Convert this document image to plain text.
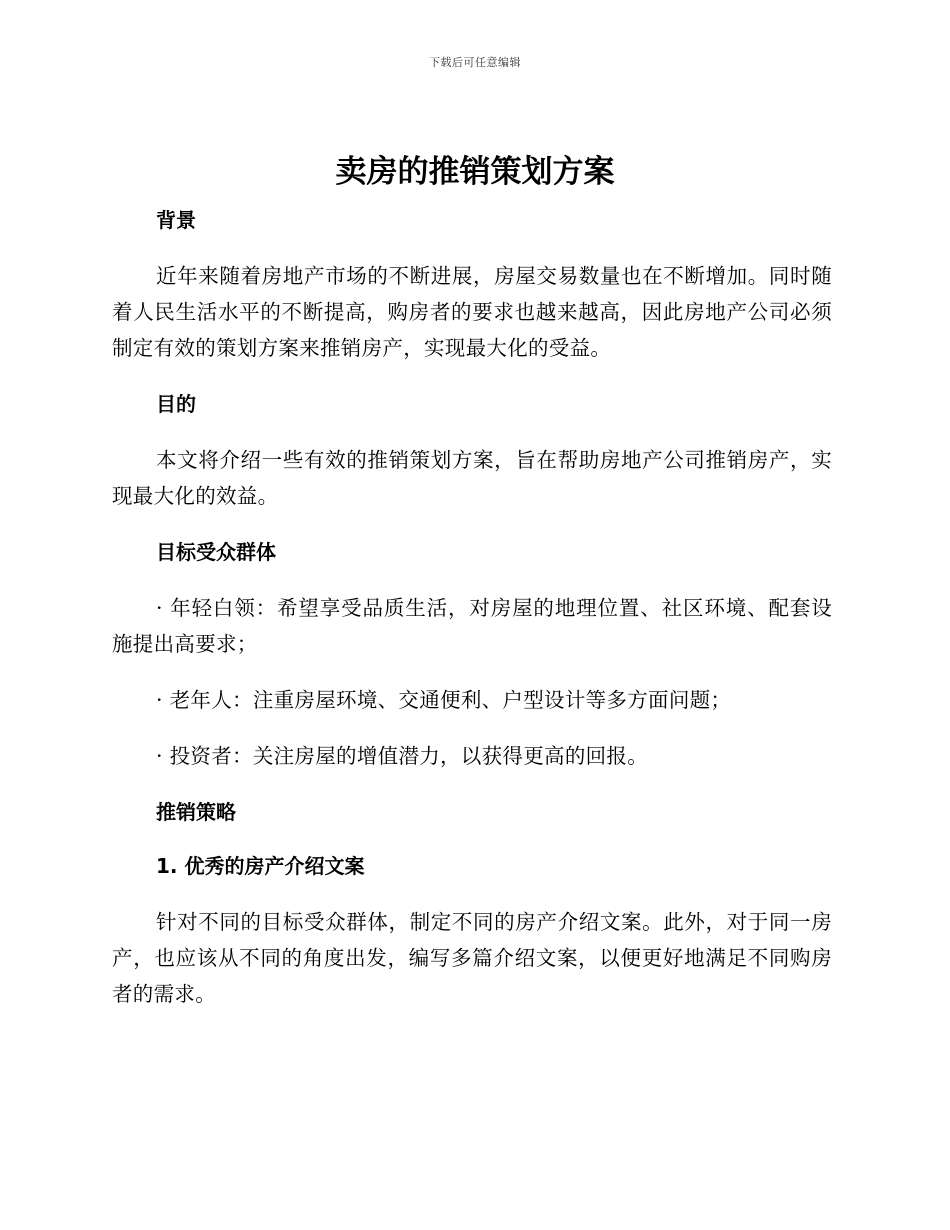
下载后可任意编辑
卖房的推销策划方案
背景

近年来随着房地产市场的不断进展，房屋交易数量也在不断增加。同时随着人民生活水平的不断提高，购房者的要求也越来越高，因此房地产公司必须制定有效的策划方案来推销房产，实现最大化的受益。

目的

本文将介绍一些有效的推销策划方案，旨在帮助房地产公司推销房产，实现最大化的效益。

目标受众群体

· 年轻白领：希望享受品质生活，对房屋的地理位置、社区环境、配套设施提出高要求；

· 老年人：注重房屋环境、交通便利、户型设计等多方面问题；

· 投资者：关注房屋的增值潜力，以获得更高的回报。

推销策略
1. 优秀的房产介绍文案

针对不同的目标受众群体，制定不同的房产介绍文案。此外，对于同一房产，也应该从不同的角度出发，编写多篇介绍文案，以便更好地满足不同购房者的需求。
